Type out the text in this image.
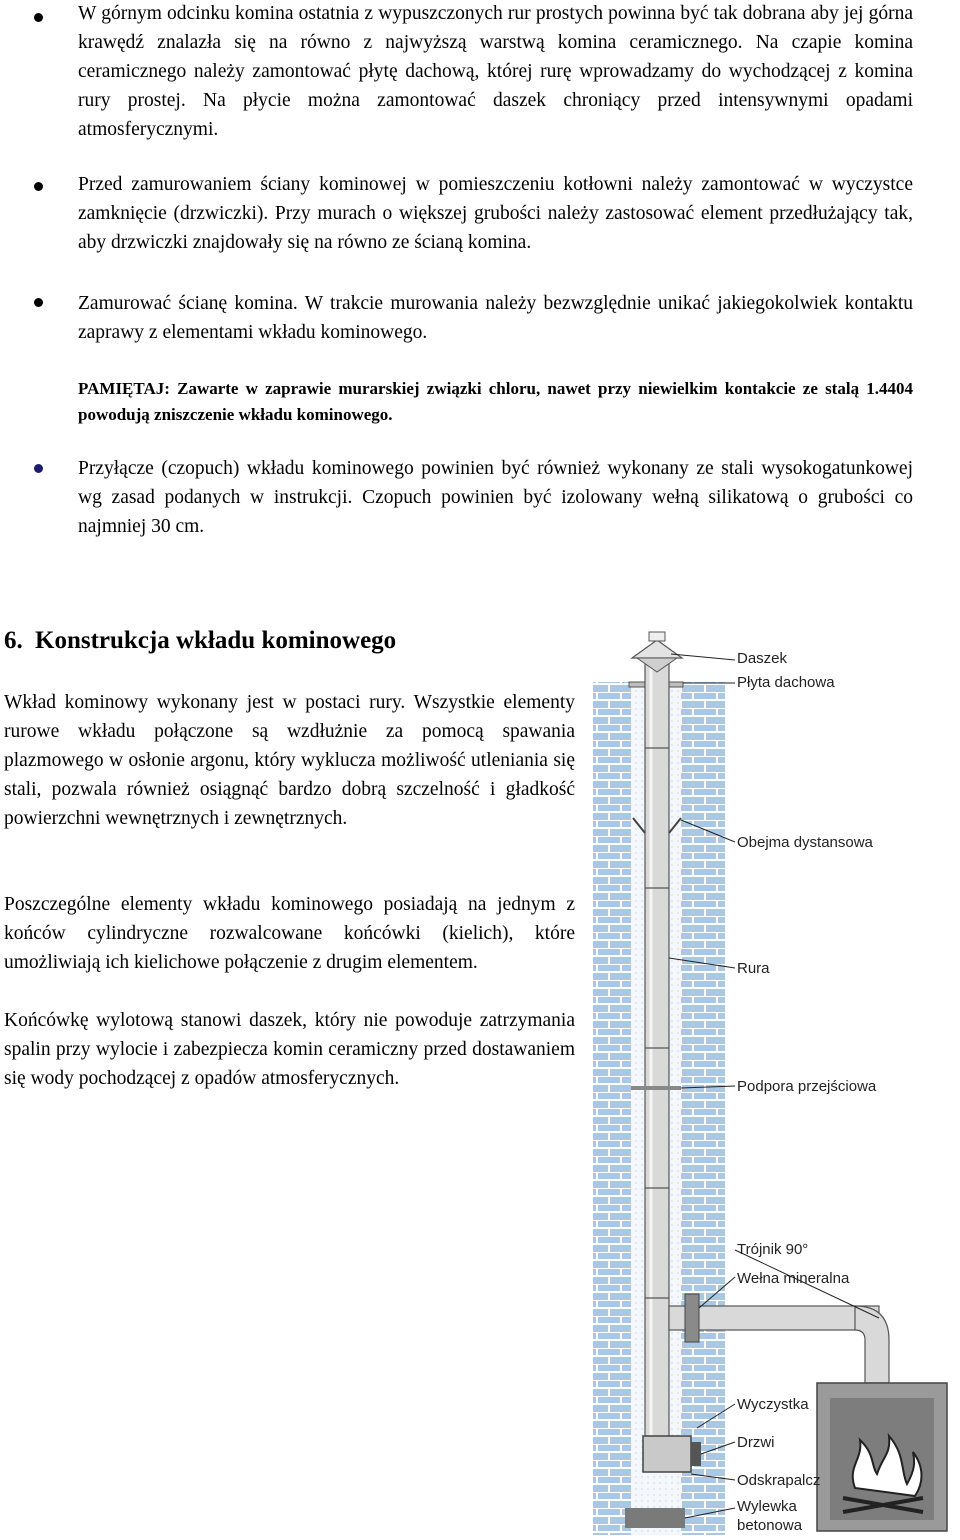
W górnym odcinku komina ostatnia z wypuszczonych rur prostych powinna być tak dobrana aby jej górna krawędź znalazła się na równo z najwyższą warstwą komina ceramicznego. Na czapie komina ceramicznego należy zamontować płytę dachową, której rurę wprowadzamy do wychodzącej z komina rury prostej. Na płycie można zamontować daszek chroniący przed intensywnymi opadami atmosferycznymi.
Przed zamurowaniem ściany kominowej w pomieszczeniu kotłowni należy zamontować w wyczystce zamknięcie (drzwiczki). Przy murach o większej grubości należy zastosować element przedłużający tak, aby drzwiczki znajdowały się na równo ze ścianą komina.
Zamurować ścianę komina. W trakcie murowania należy bezwzględnie unikać jakiegokolwiek kontaktu zaprawy z elementami wkładu kominowego.
PAMIĘTAJ: Zawarte w zaprawie murarskiej związki chloru, nawet przy niewielkim kontakcie ze stalą 1.4404 powodują zniszczenie wkładu kominowego.
Przyłącze (czopuch) wkładu kominowego powinien być również wykonany ze stali wysokogatunkowej wg zasad podanych w instrukcji. Czopuch powinien być izolowany wełną silikatową o grubości co najmniej 30 cm.
6. Konstrukcja wkładu kominowego
Wkład kominowy wykonany jest w postaci rury. Wszystkie elementy rurowe wkładu połączone są wzdłużnie za pomocą spawania plazmowego w osłonie argonu, który wyklucza możliwość utleniania się stali, pozwala również osiągnąć bardzo dobrą szczelność i gładkość powierzchni wewnętrznych i zewnętrznych.
Poszczególne elementy wkładu kominowego posiadają na jednym z końców cylindryczne rozwalcowane końcówki (kielich), które umożliwiają ich kielichowe połączenie z drugim elementem.
Końcówkę wylotową stanowi daszek, który nie powoduje zatrzymania spalin przy wylocie i zabezpiecza komin ceramiczny przed dostawaniem się wody pochodzącej z opadów atmosferycznych.
Daszek
Płyta dachowa
Obejma dystansowa
Rura
Podpora przejściowa
Trójnik 90°
Wełna mineralna
Wyczystka
Drzwi
Odskrapalcz
Wylewka
betonowa
